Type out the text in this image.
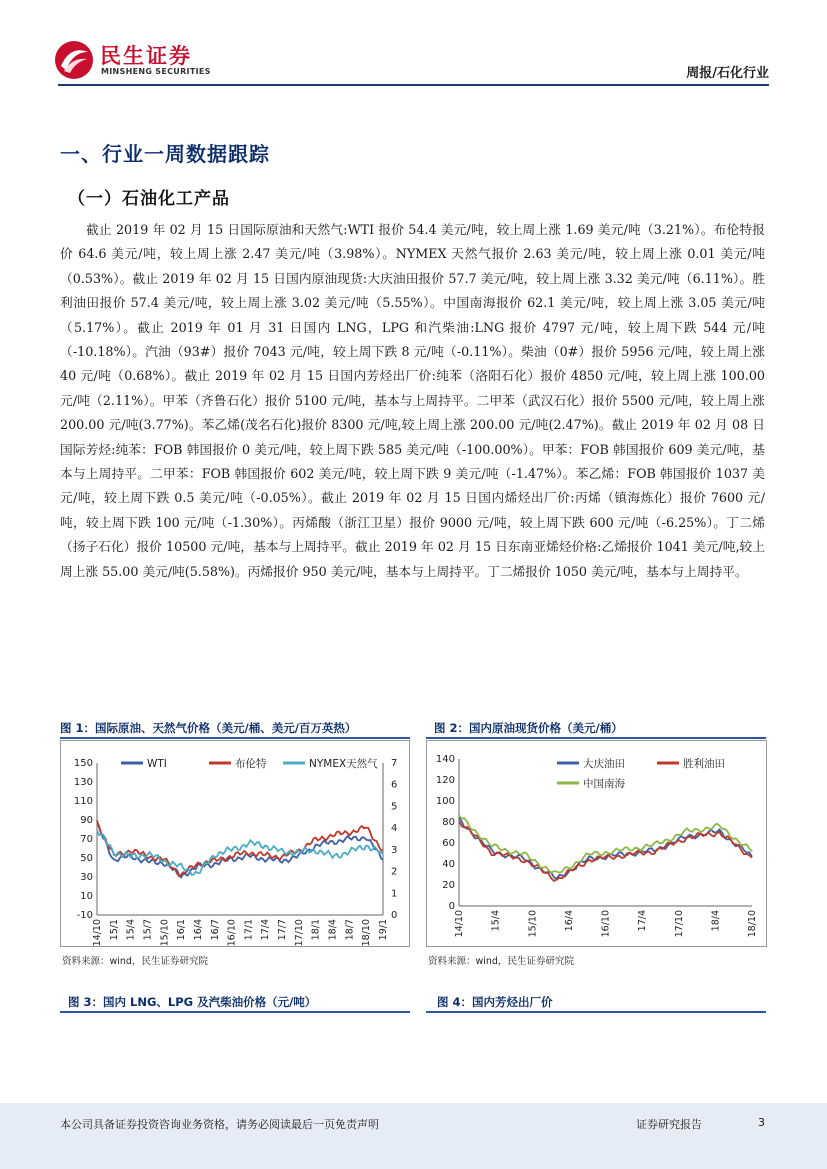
民生证券
MINSHENG SECURITIES	周报/石化行业
一、行业一周数据跟踪
（一）石油化工产品
截止 2019 年 02 月 15 日国际原油和天然气:WTI 报价 54.4 美元/吨，较上周上涨 1.69 美元/吨（3.21%）。布伦特报价 64.6 美元/吨，较上周上涨 2.47 美元/吨（3.98%）。NYMEX 天然气报价 2.63 美元/吨，较上周上涨 0.01 美元/吨（0.53%）。截止 2019 年 02 月 15 日国内原油现货:大庆油田报价 57.7 美元/吨，较上周上涨 3.32 美元/吨（6.11%）。胜利油田报价 57.4 美元/吨，较上周上涨 3.02 美元/吨（5.55%）。中国南海报价 62.1 美元/吨，较上周上涨 3.05 美元/吨（5.17%）。截止 2019 年 01 月 31 日国内 LNG，LPG 和汽柴油:LNG 报价 4797 元/吨，较上周下跌 544 元/吨（-10.18%）。汽油（93#）报价 7043 元/吨，较上周下跌 8 元/吨（-0.11%）。柴油（0#）报价 5956 元/吨，较上周上涨 40 元/吨（0.68%）。截止 2019 年 02 月 15 日国内芳烃出厂价:纯苯（洛阳石化）报价 4850 元/吨，较上周上涨 100.00 元/吨（2.11%）。甲苯（齐鲁石化）报价 5100 元/吨，基本与上周持平。二甲苯（武汉石化）报价 5500 元/吨，较上周上涨 200.00 元/吨(3.77%)。苯乙烯(茂名石化)报价 8300 元/吨,较上周上涨 200.00 元/吨(2.47%)。截止 2019 年 02 月 08 日国际芳烃:纯苯：FOB 韩国报价 0 美元/吨，较上周下跌 585 美元/吨（-100.00%）。甲苯：FOB 韩国报价 609 美元/吨，基本与上周持平。二甲苯：FOB 韩国报价 602 美元/吨，较上周下跌 9 美元/吨（-1.47%）。苯乙烯：FOB 韩国报价 1037 美元/吨，较上周下跌 0.5 美元/吨（-0.05%）。截止 2019 年 02 月 15 日国内烯烃出厂价:丙烯（镇海炼化）报价 7600 元/吨，较上周下跌 100 元/吨（-1.30%）。丙烯酸（浙江卫星）报价 9000 元/吨，较上周下跌 600 元/吨（-6.25%）。丁二烯（扬子石化）报价 10500 元/吨，基本与上周持平。截止 2019 年 02 月 15 日东南亚烯烃价格:乙烯报价 1041 美元/吨,较上周上涨 55.00 美元/吨(5.58%)。丙烯报价 950 美元/吨，基本与上周持平。丁二烯报价 1050 美元/吨，基本与上周持平。
图 1：国际原油、天然气价格（美元/桶、美元/百万英热）
-10
10
30
50
70
90
110
130
150
0
1
2
3
4
5
6
7
14/10 15/1 15/4 15/7 15/10 16/1 16/4 16/7 16/10 17/1 17/4 17/7 17/10 18/1 18/4 18/7 18/10 19/1
WTI	布伦特	NYMEX天然气
资料来源：wind，民生证券研究院
图 2：国内原油现货价格（美元/桶）
0
20
40
60
80
100
120
140
14/10	15/4	15/10	16/4	16/10	17/4	17/10	18/4	18/10
大庆油田	胜利油田
中国南海
资料来源：wind，民生证券研究院
图 3：国内 LNG、LPG 及汽柴油价格（元/吨）	图 4：国内芳烃出厂价
本公司具备证券投资咨询业务资格，请务必阅读最后一页免责声明	证券研究报告	3
